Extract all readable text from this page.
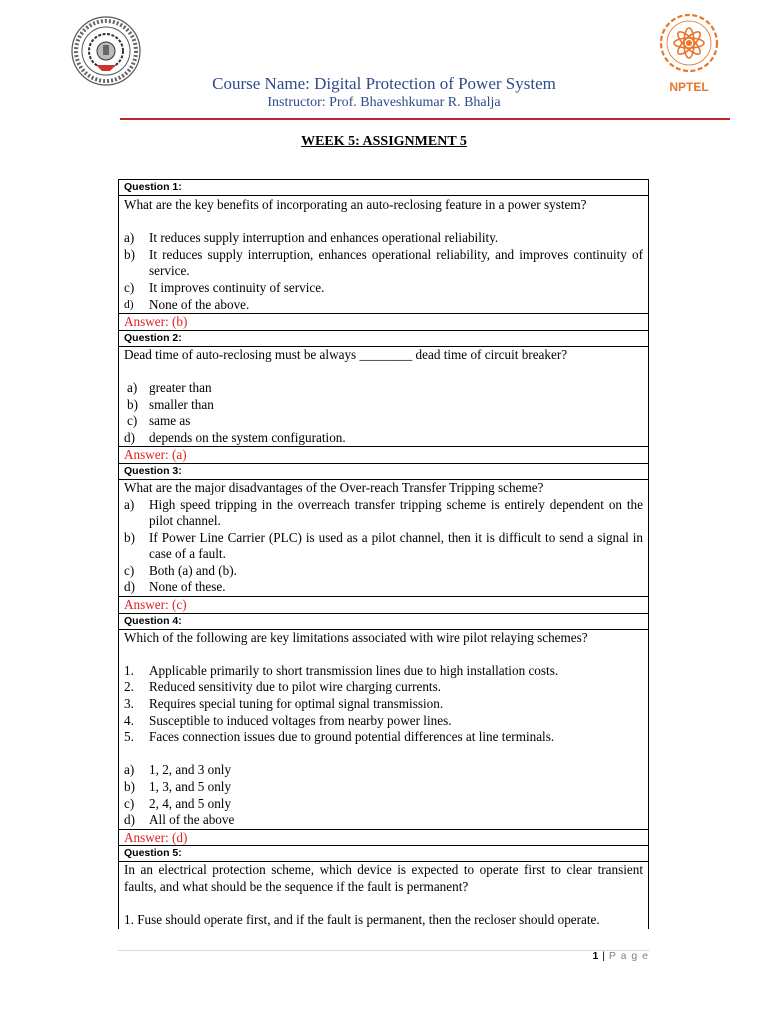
NPTEL
Course Name: Digital Protection of Power System
Instructor: Prof. Bhaveshkumar R. Bhalja
WEEK 5: ASSIGNMENT 5
Question 1:
What are the key benefits of incorporating an auto-reclosing feature in a power system?
a)	It reduces supply interruption and enhances operational reliability.
b)	It reduces supply interruption, enhances operational reliability, and improves continuity of service.
c)	It improves continuity of service.
d)	None of the above.
Answer: (b)
Question 2:
Dead time of auto-reclosing must be always ________ dead time of circuit breaker?
a) greater than
b) smaller than
c) same as
d)	depends on the system configuration.
Answer: (a)
Question 3:
What are the major disadvantages of the Over-reach Transfer Tripping scheme?
a)	High speed tripping in the overreach transfer tripping scheme is entirely dependent on the pilot channel.
b)	If Power Line Carrier (PLC) is used as a pilot channel, then it is difficult to send a signal in case of a fault.
c)	Both (a) and (b).
d)	None of these.
Answer: (c)
Question 4:
Which of the following are key limitations associated with wire pilot relaying schemes?
1.	Applicable primarily to short transmission lines due to high installation costs.
2.	Reduced sensitivity due to pilot wire charging currents.
3.	Requires special tuning for optimal signal transmission.
4.	Susceptible to induced voltages from nearby power lines.
5.	Faces connection issues due to ground potential differences at line terminals.
a)	1, 2, and 3 only
b)	1, 3, and 5 only
c)	2, 4, and 5 only
d)	All of the above
Answer: (d)
Question 5:
In an electrical protection scheme, which device is expected to operate first to clear transient faults, and what should be the sequence if the fault is permanent?
1. Fuse should operate first, and if the fault is permanent, then the recloser should operate.
1 | P a g e
